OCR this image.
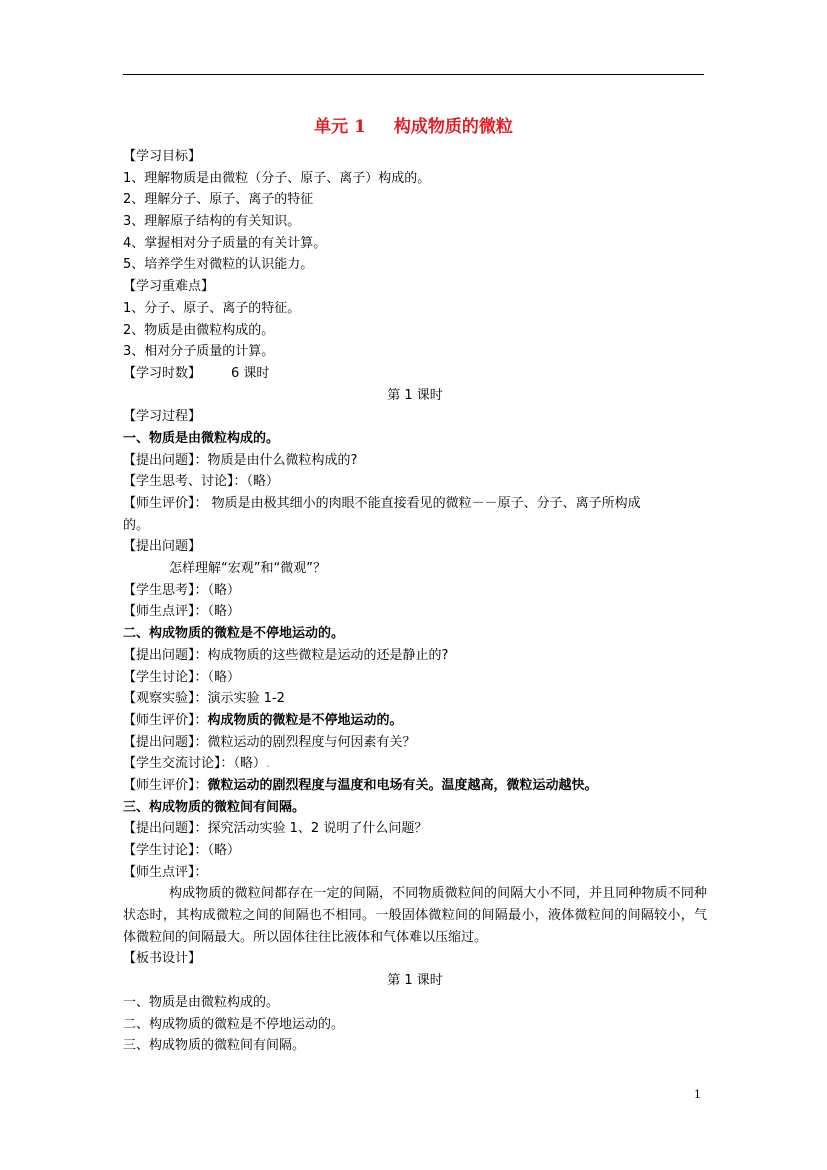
单元 1 构成物质的微粒
【学习目标】
1、理解物质是由微粒（分子、原子、离子）构成的。
2、理解分子、原子、离子的特征
3、理解原子结构的有关知识。
4、掌握相对分子质量的有关计算。
5、培养学生对微粒的认识能力。
【学习重难点】
1、分子、原子、离子的特征。
2、物质是由微粒构成的。
3、相对分子质量的计算。
【学习时数】 6 课时
第 1 课时
【学习过程】
一、物质是由微粒构成的。
【提出问题】：物质是由什么微粒构成的?
【学生思考、讨论】：（略）
【师生评价】： 物质是由极其细小的肉眼不能直接看见的微粒－－原子、分子、离子所构成
的。
【提出问题】
怎样理解“宏观”和“微观”？
【学生思考】：（略）
【师生点评】：（略）
二、构成物质的微粒是不停地运动的。
【提出问题】：构成物质的这些微粒是运动的还是静止的?
【学生讨论】：（略）
【观察实验】：演示实验 1-2
【师生评价】：构成物质的微粒是不停地运动的。
【提出问题】：微粒运动的剧烈程度与何因素有关？
【学生交流讨论】：（略）.
【师生评价】：微粒运动的剧烈程度与温度和电场有关。温度越高，微粒运动越快。
三、构成物质的微粒间有间隔。
【提出问题】：探究活动实验 1、2 说明了什么问题？
【学生讨论】：（略）
【师生点评】：
构成物质的微粒间都存在一定的间隔，不同物质微粒间的间隔大小不同，并且同种物质不同种状态时，其构成微粒之间的间隔也不相同。一般固体微粒间的间隔最小，液体微粒间的间隔较小，气体微粒间的间隔最大。所以固体往往比液体和气体难以压缩过。
【板书设计】
第 1 课时
一、物质是由微粒构成的。
二、构成物质的微粒是不停地运动的。
三、构成物质的微粒间有间隔。
1
